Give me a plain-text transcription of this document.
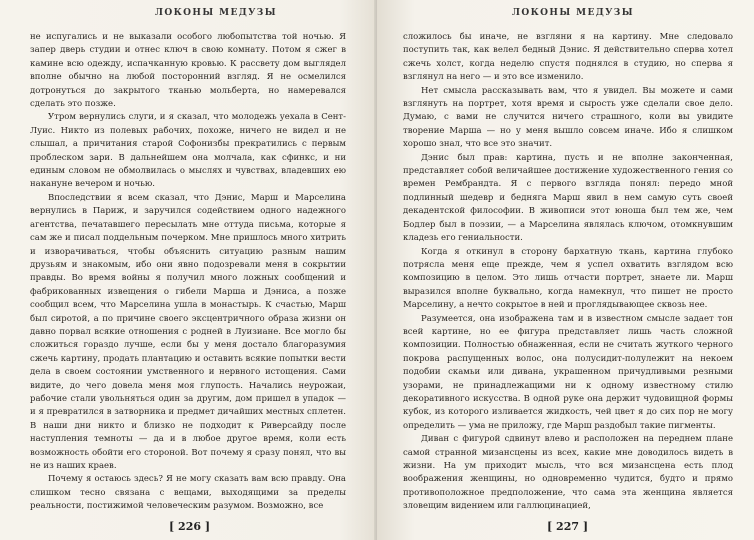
ЛОКОНЫ МЕДУЗЫ

не испугались и не выказали особого любопытства той ночью. Я запер дверь студии и отнес ключ в свою комнату. Потом я сжег в камине всю одежду, испачканную кровью. К рассвету дом выглядел вполне обычно на любой посторонний взгляд. Я не осмелился дотронуться до закрытого тканью мольберта, но намеревался сделать это позже.

Утром вернулись слуги, и я сказал, что молодежь уехала в Сент-Луис. Никто из полевых рабочих, похоже, ничего не видел и не слышал, а причитания старой Софонизбы прекратились с первым проблеском зари. В дальнейшем она молчала, как сфинкс, и ни единым словом не обмолвилась о мыслях и чувствах, владевших ею накануне вечером и ночью.

Впоследствии я всем сказал, что Дэнис, Марш и Марселина вернулись в Париж, и заручился содействием одного надежного агентства, печатавшего пересылать мне оттуда письма, которые я сам же и писал поддельным почерком. Мне пришлось много хитрить и изворачиваться, чтобы объяснить ситуацию разным нашим друзьям и знакомым, ибо они явно подозревали меня в сокрытии правды. Во время войны я получил много ложных сообщений и фабрикованных извещения о гибели Марша и Дэниса, а позже сообщил всем, что Марселина ушла в монастырь. К счастью, Марш был сиротой, а по причине своего эксцентричного образа жизни он давно порвал всякие отношения с родней в Луизиане. Все могло бы сложиться гораздо лучше, если бы у меня достало благоразумия сжечь картину, продать плантацию и оставить всякие попытки вести дела в своем состоянии умственного и нервного истощения. Сами видите, до чего довела меня моя глупость. Начались неурожаи, рабочие стали увольняться один за другим, дом пришел в упадок — и я превратился в затворника и предмет дичайших местных сплетен. В наши дни никто и близко не подходит к Риверсайду после наступления темноты — да и в любое другое время, коли есть возможность обойти его стороной. Вот почему я сразу понял, что вы не из наших краев.

Почему я остаюсь здесь? Я не могу сказать вам всю правду. Она слишком тесно связана с вещами, выходящими за пределы реальности, постижимой человеческим разумом. Возможно, все

[ 226 ]
ЛОКОНЫ МЕДУЗЫ

сложилось бы иначе, не взгляни я на картину. Мне следовало поступить так, как велел бедный Дэнис. Я действительно сперва хотел сжечь холст, когда неделю спустя поднялся в студию, но сперва я взглянул на него — и это все изменило.

Нет смысла рассказывать вам, что я увидел. Вы можете и сами взглянуть на портрет, хотя время и сырость уже сделали свое дело. Думаю, с вами не случится ничего страшного, коли вы увидите творение Марша — но у меня вышло совсем иначе. Ибо я слишком хорошо знал, что все это значит.

Дэнис был прав: картина, пусть и не вполне законченная, представляет собой величайшее достижение художественного гения со времен Рембрандта. Я с первого взгляда понял: передо мной подлинный шедевр и бедняга Марш явил в нем самую суть своей декадентской философии. В живописи этот юноша был тем же, чем Бодлер был в поэзии, — а Марселина являлась ключом, отомкнувшим кладезь его гениальности.

Когда я откинул в сторону бархатную ткань, картина глубоко потрясла меня еще прежде, чем я успел охватить взглядом всю композицию в целом. Это лишь отчасти портрет, знаете ли. Марш выразился вполне буквально, когда намекнул, что пишет не просто Марселину, а нечто сокрытое в ней и проглядывающее сквозь нее.

Разумеется, она изображена там и в известном смысле задает тон всей картине, но ее фигура представляет лишь часть сложной композиции. Полностью обнаженная, если не считать жуткого черного покрова распущенных волос, она полусидит-полулежит на некоем подобии скамьи или дивана, украшенном причудливыми резными узорами, не принадлежащими ни к одному известному стилю декоративного искусства. В одной руке она держит чудовищной формы кубок, из которого изливается жидкость, чей цвет я до сих пор не могу определить — ума не приложу, где Марш раздобыл такие пигменты.

Диван с фигурой сдвинут влево и расположен на переднем плане самой странной мизансцены из всех, какие мне доводилось видеть в жизни. На ум приходит мысль, что вся мизансцена есть плод воображения женщины, но одновременно чудится, будто и прямо противоположное предположение, что сама эта женщина является зловещим видением или галлюцинацией,

[ 227 ]
